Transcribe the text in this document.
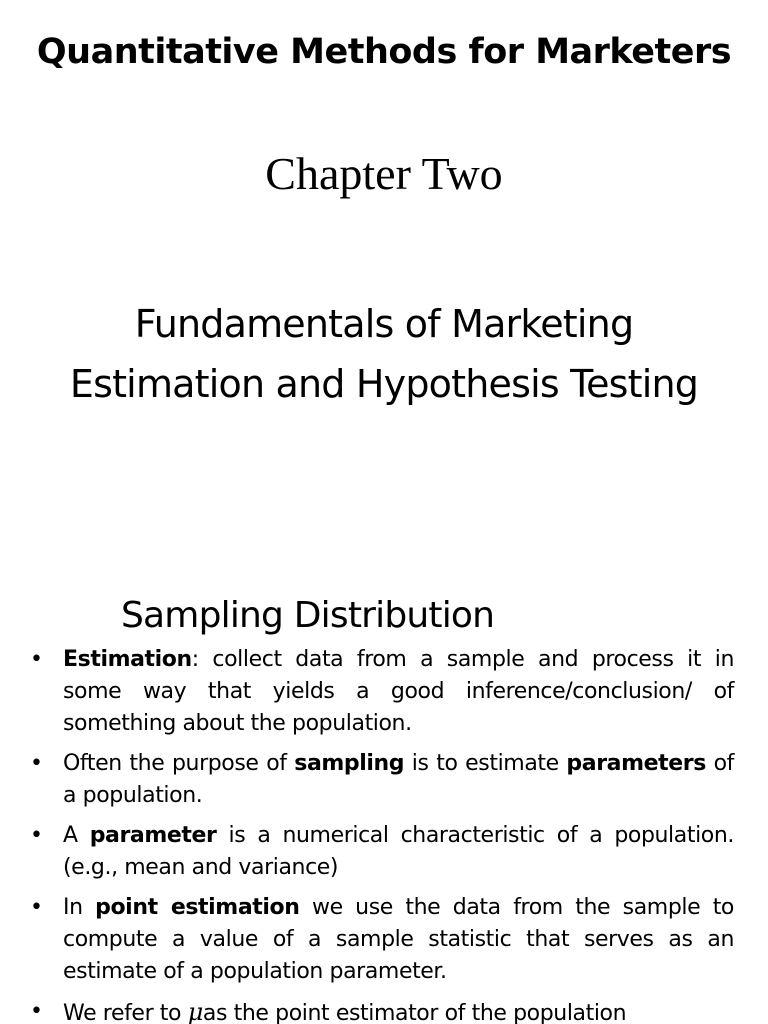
Quantitative Methods for Marketers
Chapter Two
Fundamentals of Marketing Estimation and Hypothesis Testing
Sampling Distribution
• Estimation: collect data from a sample and process it in some way that yields a good inference/conclusion/ of something about the population.
• Often the purpose of sampling is to estimate parameters of a population.
• A parameter is a numerical characteristic of a population.(e.g., mean and variance)
• In point estimation we use the data from the sample to compute a value of a sample statistic that serves as an estimate of a population parameter.
• We refer to μas the point estimator of the population
